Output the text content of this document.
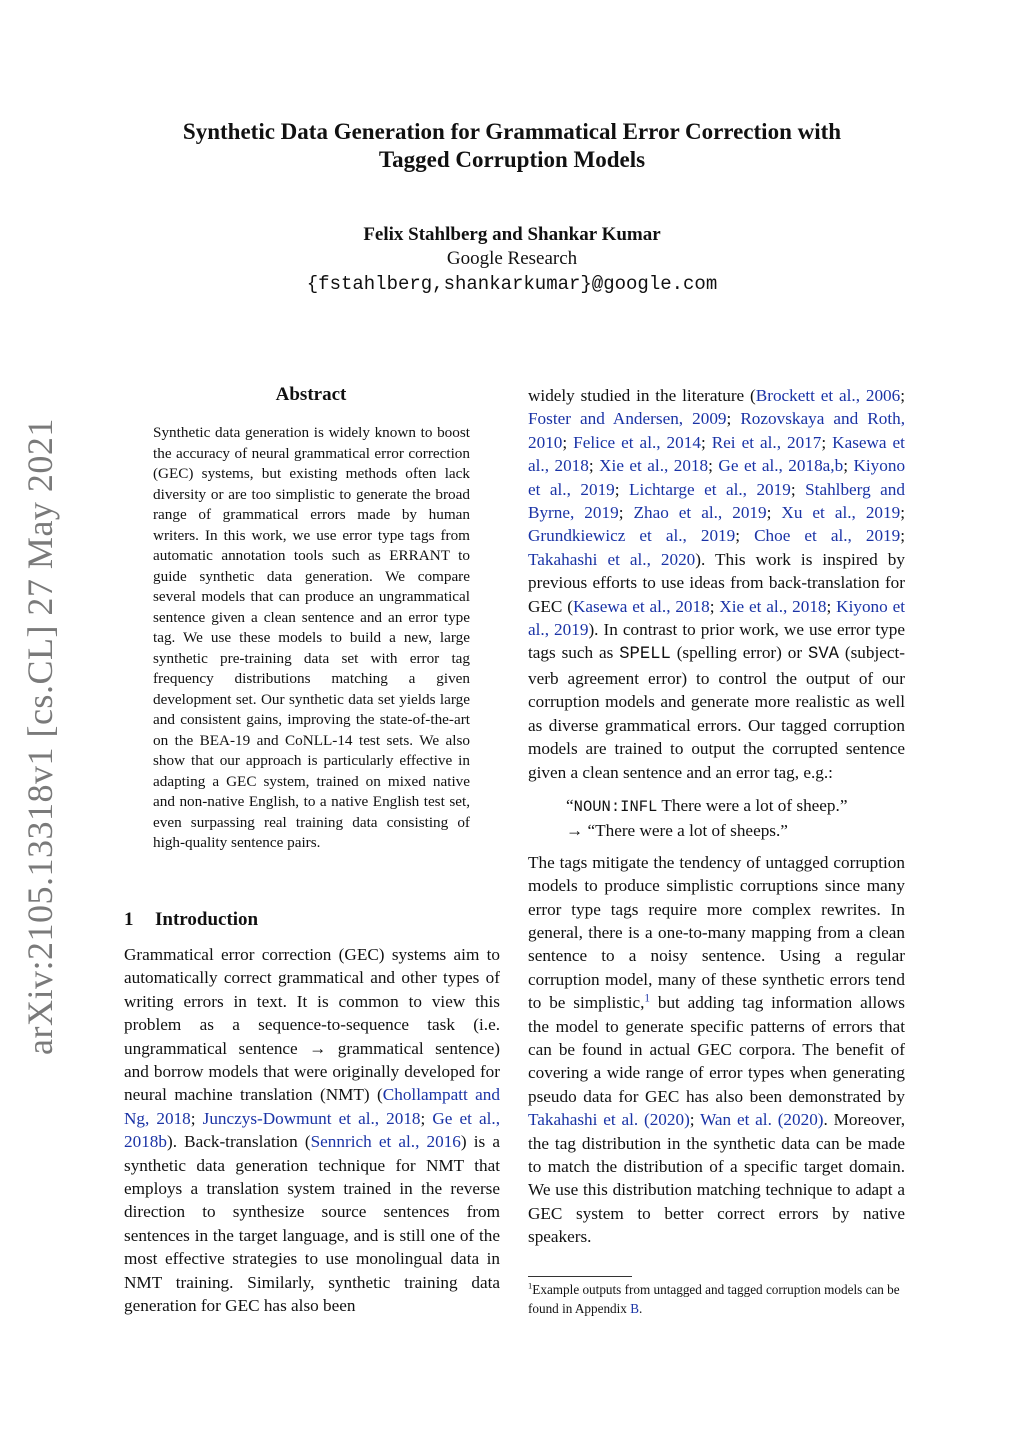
arXiv:2105.13318v1 [cs.CL] 27 May 2021
Synthetic Data Generation for Grammatical Error Correction with
Tagged Corruption Models
Felix Stahlberg and Shankar Kumar
Google Research
{fstahlberg,shankarkumar}@google.com
Abstract
Synthetic data generation is widely known to boost the accuracy of neural grammatical error correction (GEC) systems, but existing methods often lack diversity or are too simplistic to generate the broad range of grammatical errors made by human writers. In this work, we use error type tags from automatic annotation tools such as ERRANT to guide synthetic data generation. We compare several models that can produce an ungrammatical sentence given a clean sentence and an error type tag. We use these models to build a new, large synthetic pre-training data set with error tag frequency distributions matching a given development set. Our synthetic data set yields large and consistent gains, improving the state-of-the-art on the BEA-19 and CoNLL-14 test sets. We also show that our approach is particularly effective in adapting a GEC system, trained on mixed native and non-native English, to a native English test set, even surpassing real training data consisting of high-quality sentence pairs.
1 Introduction
Grammatical error correction (GEC) systems aim to automatically correct grammatical and other types of writing errors in text. It is common to view this problem as a sequence-to-sequence task (i.e. ungrammatical sentence → grammatical sentence) and borrow models that were originally developed for neural machine translation (NMT) (Chollampatt and Ng, 2018; Junczys-Dowmunt et al., 2018; Ge et al., 2018b). Back-translation (Sennrich et al., 2016) is a synthetic data generation technique for NMT that employs a translation system trained in the reverse direction to synthesize source sentences from sentences in the target language, and is still one of the most effective strategies to use monolingual data in NMT training. Similarly, synthetic training data generation for GEC has also been

widely studied in the literature (Brockett et al., 2006; Foster and Andersen, 2009; Rozovskaya and Roth, 2010; Felice et al., 2014; Rei et al., 2017; Kasewa et al., 2018; Xie et al., 2018; Ge et al., 2018a,b; Kiyono et al., 2019; Lichtarge et al., 2019; Stahlberg and Byrne, 2019; Zhao et al., 2019; Xu et al., 2019; Grundkiewicz et al., 2019; Choe et al., 2019; Takahashi et al., 2020). This work is inspired by previous efforts to use ideas from back-translation for GEC (Kasewa et al., 2018; Xie et al., 2018; Kiyono et al., 2019). In contrast to prior work, we use error type tags such as SPELL (spelling error) or SVA (subject-verb agreement error) to control the output of our corruption models and generate more realistic as well as diverse grammatical errors. Our tagged corruption models are trained to output the corrupted sentence given a clean sentence and an error tag, e.g.:

“NOUN:INFL There were a lot of sheep.”
→ “There were a lot of sheeps.”

The tags mitigate the tendency of untagged corruption models to produce simplistic corruptions since many error type tags require more complex rewrites. In general, there is a one-to-many mapping from a clean sentence to a noisy sentence. Using a regular corruption model, many of these synthetic errors tend to be simplistic,$^1$ but adding tag information allows the model to generate specific patterns of errors that can be found in actual GEC corpora. The benefit of covering a wide range of error types when generating pseudo data for GEC has also been demonstrated by Takahashi et al. (2020); Wan et al. (2020). Moreover, the tag distribution in the synthetic data can be made to match the distribution of a specific target domain. We use this distribution matching technique to adapt a GEC system to better correct errors by native speakers.

$^1$Example outputs from untagged and tagged corruption models can be found in Appendix B.
